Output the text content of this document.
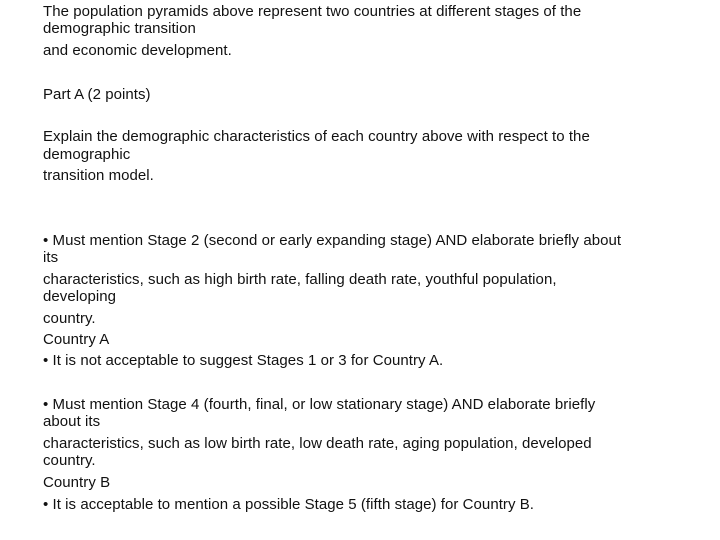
The population pyramids above represent two countries at different stages of the
demographic transition
and economic development.
Part A (2 points)
Explain the demographic characteristics of each country above with respect to the
demographic
transition model.
• Must mention Stage 2 (second or early expanding stage) AND elaborate briefly about
its
characteristics, such as high birth rate, falling death rate, youthful population,
developing
country.
Country A
• It is not acceptable to suggest Stages 1 or 3 for Country A.
• Must mention Stage 4 (fourth, final, or low stationary stage) AND elaborate briefly
about its
characteristics, such as low birth rate, low death rate, aging population, developed
country.
Country B
• It is acceptable to mention a possible Stage 5 (fifth stage) for Country B.
